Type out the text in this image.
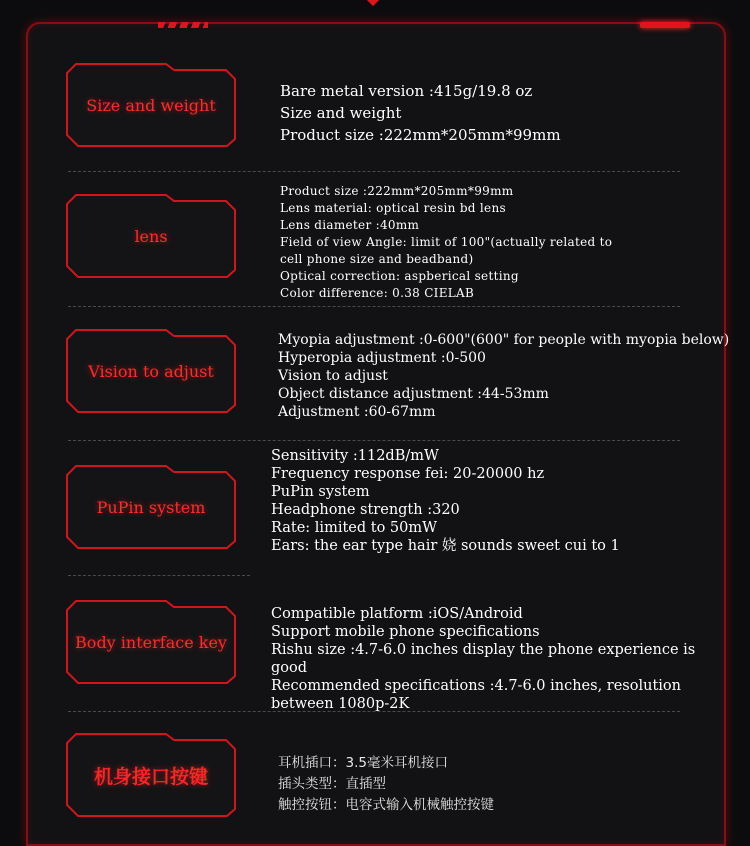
Size and weight
Bare metal version :415g/19.8 oz
Size and weight
Product size :222mm*205mm*99mm
lens
Product size :222mm*205mm*99mm
Lens material: optical resin bd lens
Lens diameter :40mm
Field of view Angle: limit of 100"(actually related to
cell phone size and beadband)
Optical correction: aspberical setting
Color difference: 0.38 CIELAB
Vision to adjust
Myopia adjustment :0-600"(600" for people with myopia below)
Hyperopia adjustment :0-500
Vision to adjust
Object distance adjustment :44-53mm
Adjustment :60-67mm
PuPin system
Sensitivity :112dB/mW
Frequency response fei: 20-20000 hz
PuPin system
Headphone strength :320
Rate: limited to 50mW
Ears: the ear type hair 娆 sounds sweet cui to 1
Body interface key
Compatible platform :iOS/Android
Support mobile phone specifications
Rishu size :4.7-6.0 inches display the phone experience is good
Recommended specifications :4.7-6.0 inches, resolution
between 1080p-2K
机身接口按键
耳机插口：3.5毫米耳机接口
插头类型：直插型
触控按钮：电容式输入机械触控按键
